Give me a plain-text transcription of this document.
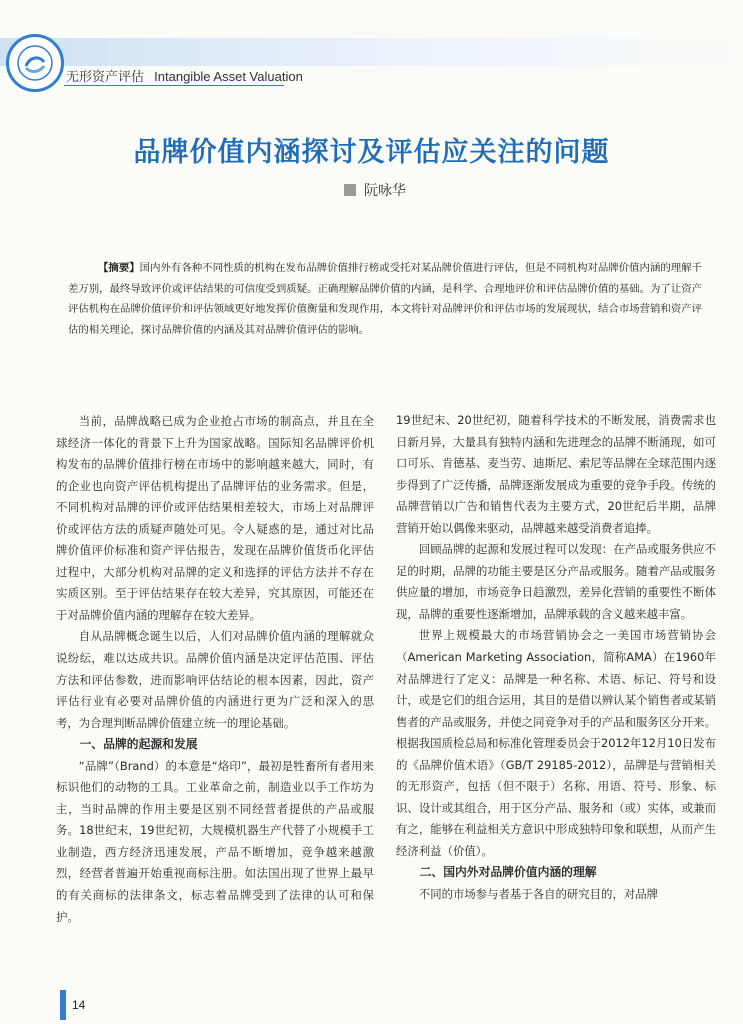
无形资产评估 Intangible Asset Valuation
品牌价值内涵探讨及评估应关注的问题
阮咏华
【摘要】国内外有各种不同性质的机构在发布品牌价值排行榜或受托对某品牌价值进行评估，但是不同机构对品牌价值内涵的理解千差万别，最终导致评价或评估结果的可信度受到质疑。正确理解品牌价值的内涵，是科学、合理地评价和评估品牌价值的基础。为了让资产评估机构在品牌价值评价和评估领域更好地发挥价值衡量和发现作用，本文将针对品牌评价和评估市场的发展现状，结合市场营销和资产评估的相关理论，探讨品牌价值的内涵及其对品牌价值评估的影响。

当前，品牌战略已成为企业抢占市场的制高点，并且在全球经济一体化的背景下上升为国家战略。国际知名品牌评价机构发布的品牌价值排行榜在市场中的影响越来越大，同时，有的企业也向资产评估机构提出了品牌评估的业务需求。但是，不同机构对品牌的评价或评估结果相差较大，市场上对品牌评价或评估方法的质疑声随处可见。令人疑惑的是，通过对比品牌价值评价标准和资产评估报告，发现在品牌价值货币化评估过程中，大部分机构对品牌的定义和选择的评估方法并不存在实质区别。至于评估结果存在较大差异，究其原因，可能还在于对品牌价值内涵的理解存在较大差异。

自从品牌概念诞生以后，人们对品牌价值内涵的理解就众说纷纭，难以达成共识。品牌价值内涵是决定评估范围、评估方法和评估参数，进而影响评估结论的根本因素，因此，资产评估行业有必要对品牌价值的内涵进行更为广泛和深入的思考，为合理判断品牌价值建立统一的理论基础。

一、品牌的起源和发展

“品牌”（Brand）的本意是“烙印”，最初是牲畜所有者用来标识他们的动物的工具。工业革命之前，制造业以手工作坊为主，当时品牌的作用主要是区别不同经营者提供的产品或服务。18世纪末，19世纪初，大规模机器生产代替了小规模手工业制造，西方经济迅速发展，产品不断增加，竞争越来越激烈，经营者普遍开始重视商标注册。如法国出现了世界上最早的有关商标的法律条文，标志着品牌受到了法律的认可和保护。

19世纪末、20世纪初，随着科学技术的不断发展，消费需求也日新月异，大量具有独特内涵和先进理念的品牌不断涌现，如可口可乐、肯德基、麦当劳、迪斯尼、索尼等品牌在全球范围内逐步得到了广泛传播，品牌逐渐发展成为重要的竞争手段。传统的品牌营销以广告和销售代表为主要方式，20世纪后半期，品牌营销开始以偶像来驱动，品牌越来越受消费者追捧。

回顾品牌的起源和发展过程可以发现：在产品或服务供应不足的时期，品牌的功能主要是区分产品或服务。随着产品或服务供应量的增加，市场竞争日趋激烈，差异化营销的重要性不断体现，品牌的重要性逐渐增加，品牌承载的含义越来越丰富。

世界上规模最大的市场营销协会之一美国市场营销协会（American Marketing Association，简称AMA）在1960年对品牌进行了定义：品牌是一种名称、术语、标记、符号和设计，或是它们的组合运用，其目的是借以辨认某个销售者或某销售者的产品或服务，并使之同竞争对手的产品和服务区分开来。根据我国质检总局和标准化管理委员会于2012年12月10日发布的《品牌价值术语》（GB/T 29185-2012），品牌是与营销相关的无形资产，包括（但不限于）名称、用语、符号、形象、标识、设计或其组合，用于区分产品、服务和（或）实体，或兼而有之，能够在利益相关方意识中形成独特印象和联想，从而产生经济利益（价值）。

二、国内外对品牌价值内涵的理解

不同的市场参与者基于各自的研究目的，对品牌

14
